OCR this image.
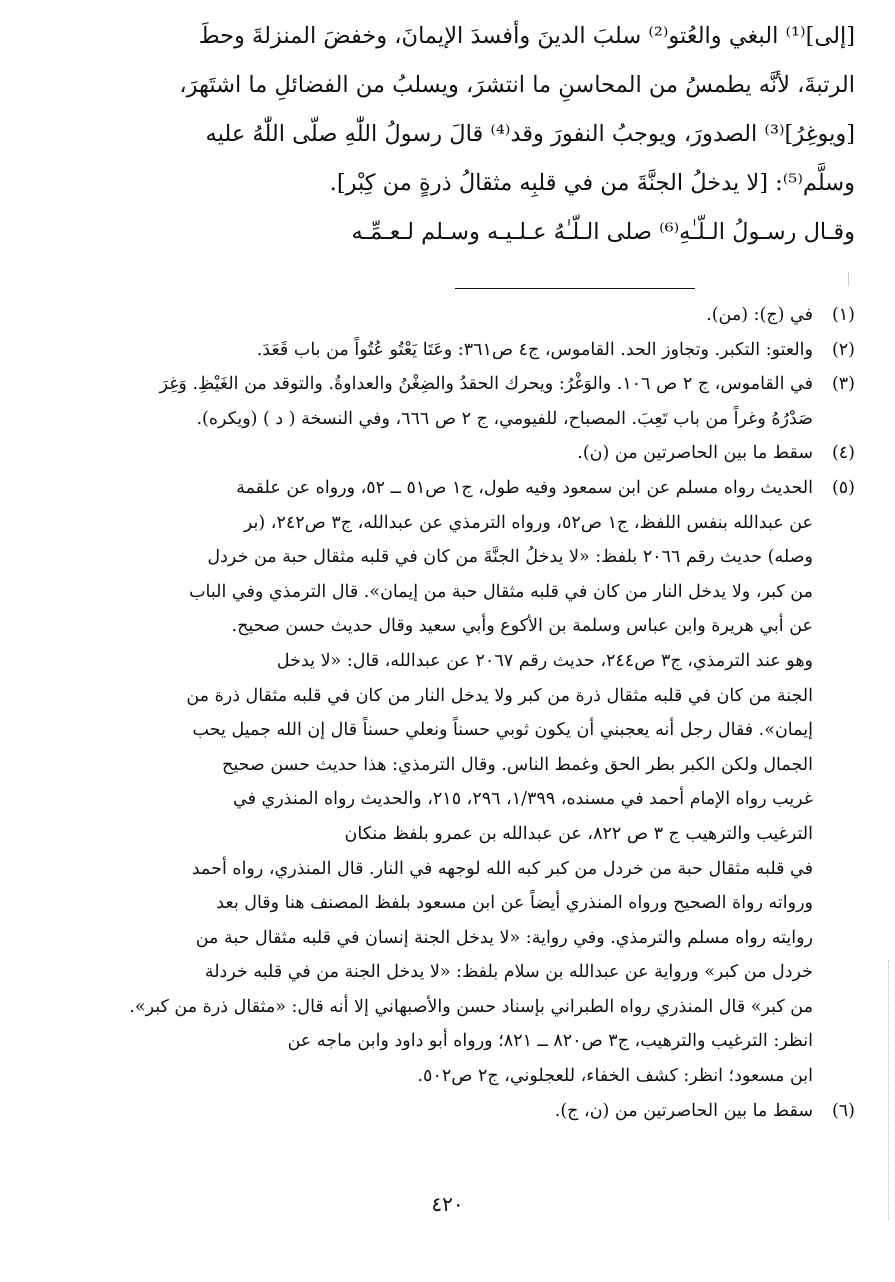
[إلى]⁽¹⁾ البغي والعُتو⁽²⁾ سلبَ الدينَ وأفسدَ الإيمانَ، وخفضَ المنزلةَ وحطَ
الرتبةَ، لأنَّه يطمسُ من المحاسنِ ما انتشرَ، ويسلبُ من الفضائلِ ما اشتَهرَ،
[ويوغِرُ]⁽³⁾ الصدورَ، ويوجبُ النفورَ وقد⁽⁴⁾ قالَ رسولُ اللّٰهِ صلّى اللّٰهُ عليه
وسلَّم⁽⁵⁾: [لا يدخلُ الجنَّةَ من في قلبِه مثقالُ ذرةٍ من كِبْر].
وقـال رسـولُ الـلّـٰهِ⁽⁶⁾ صلى الـلّـٰهُ عـلـيـه وسـلم لـعـمِّـه
(١)
في (ج): (من).
(٢)
والعتو: التكبر. وتجاوز الحد. القاموس، ج٤ ص٣٦١: وعَتَا يَعْتُو عُتُواً من باب قَعَدَ.
(٣)
في القاموس، ج ٢ ص ١٠٦. والوَغْرُ: ويحرك الحقدُ والضِغْنُ والعداوةُ. والتوقد من الغَيْظِ. وَغِرَ
صَدْرُهُ وغراً من باب تَعِبَ. المصباح، للفيومي، ج ٢ ص ٦٦٦، وفي النسخة ( د ) (ويكره).
(٤)
سقط ما بين الحاصرتين من (ن).
(٥)
الحديث رواه مسلم عن ابن سمعود وفيه طول، ج١ ص٥١ ــ ٥٢، ورواه عن علقمة
عن عبدالله بنفس اللفظ، ج١ ص٥٢، ورواه الترمذي عن عبدالله، ج٣ ص٢٤٢، (بر
وصله) حديث رقم ٢٠٦٦ بلفظ: «لا يدخلُ الجنَّةَ من كان في قلبه مثقال حبة من خردل
من كبر، ولا يدخل النار من كان في قلبه مثقال حبة من إيمان». قال الترمذي وفي الباب
عن أبي هريرة وابن عباس وسلمة بن الأكوع وأبي سعيد وقال حديث حسن صحيح.
وهو عند الترمذي، ج٣ ص٢٤٤، حديث رقم ٢٠٦٧ عن عبدالله، قال: «لا يدخل
الجنة من كان في قلبه مثقال ذرة من كبر ولا يدخل النار من كان في قلبه مثقال ذرة من
إيمان». فقال رجل أنه يعجبني أن يكون ثوبي حسناً ونعلي حسناً قال إن الله جميل يحب
الجمال ولكن الكبر بطر الحق وغمط الناس. وقال الترمذي: هذا حديث حسن صحيح
غريب رواه الإمام أحمد في مسنده، ١/٣٩٩، ٢٩٦، ٢١٥، والحديث رواه المنذري في
الترغيب والترهيب ج ٣ ص ٨٢٢، عن عبدالله بن عمرو بلفظ منكان
في قلبه مثقال حبة من خردل من كبر كبه الله لوجهه في النار. قال المنذري، رواه أحمد
ورواته رواة الصحيح ورواه المنذري أيضاً عن ابن مسعود بلفظ المصنف هنا وقال بعد
روايته رواه مسلم والترمذي. وفي رواية: «لا يدخل الجنة إنسان في قلبه مثقال حبة من
خردل من كبر» ورواية عن عبدالله بن سلام بلفظ: «لا يدخل الجنة من في قلبه خردلة
من كبر» قال المنذري رواه الطبراني بإسناد حسن والأصبهاني إلا أنه قال: «مثقال ذرة من كبر».
انظر: الترغيب والترهيب، ج٣ ص٨٢٠ ــ ٨٢١؛ ورواه أبو داود وابن ماجه عن
ابن مسعود؛ انظر: كشف الخفاء، للعجلوني، ج٢ ص٥٠٢.
(٦)
سقط ما بين الحاصرتين من (ن، ج).
٤٢٠
